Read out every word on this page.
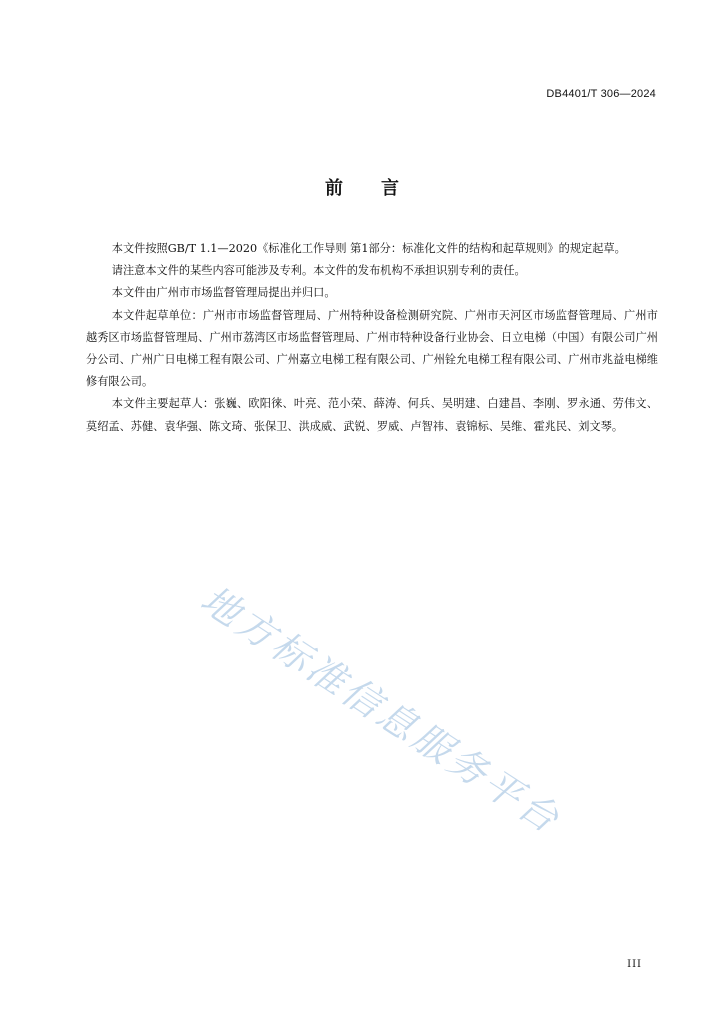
DB4401/T 306—2024
前言

本文件按照GB/T 1.1—2020《标准化工作导则 第1部分：标准化文件的结构和起草规则》的规定起草。

请注意本文件的某些内容可能涉及专利。本文件的发布机构不承担识别专利的责任。

本文件由广州市市场监督管理局提出并归口。

本文件起草单位：广州市市场监督管理局、广州特种设备检测研究院、广州市天河区市场监督管理局、广州市越秀区市场监督管理局、广州市荔湾区市场监督管理局、广州市特种设备行业协会、日立电梯（中国）有限公司广州分公司、广州广日电梯工程有限公司、广州嘉立电梯工程有限公司、广州铨允电梯工程有限公司、广州市兆益电梯维修有限公司。

本文件主要起草人：张巍、欧阳徕、叶亮、范小荣、薛涛、何兵、吴明建、白建昌、李刚、罗永通、劳伟文、莫绍孟、苏健、袁华强、陈文琦、张保卫、洪成威、武锐、罗威、卢智祎、袁锦标、吴维、霍兆民、刘文琴。

地方标准信息服务平台
III
